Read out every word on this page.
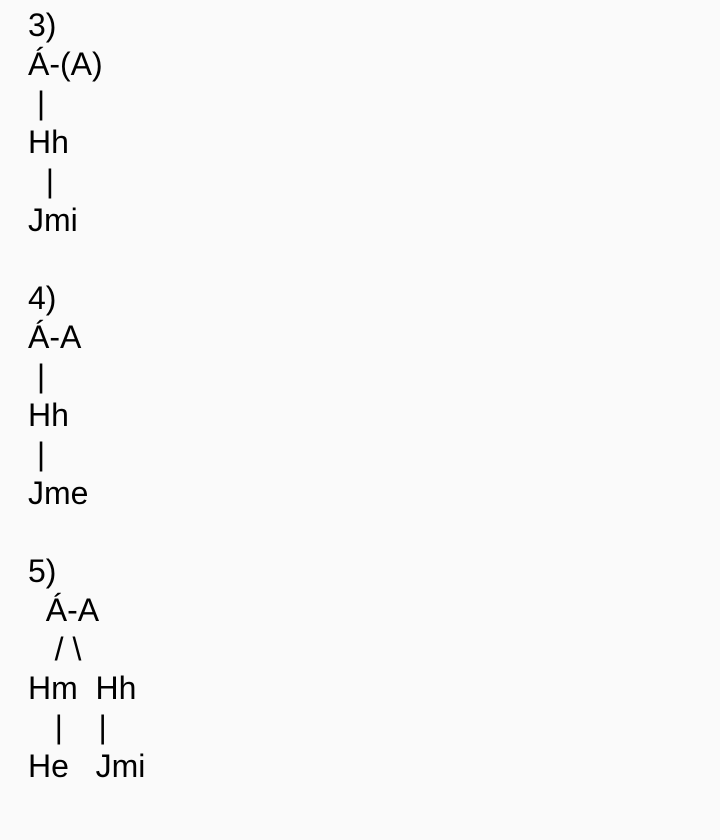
3)
Á-(A)
|
Hh
|
Jmi
4)
Á-A
|
Hh
|
Jme
5)
Á-A
/ \
Hm  Hh
|    |
He   Jmi
